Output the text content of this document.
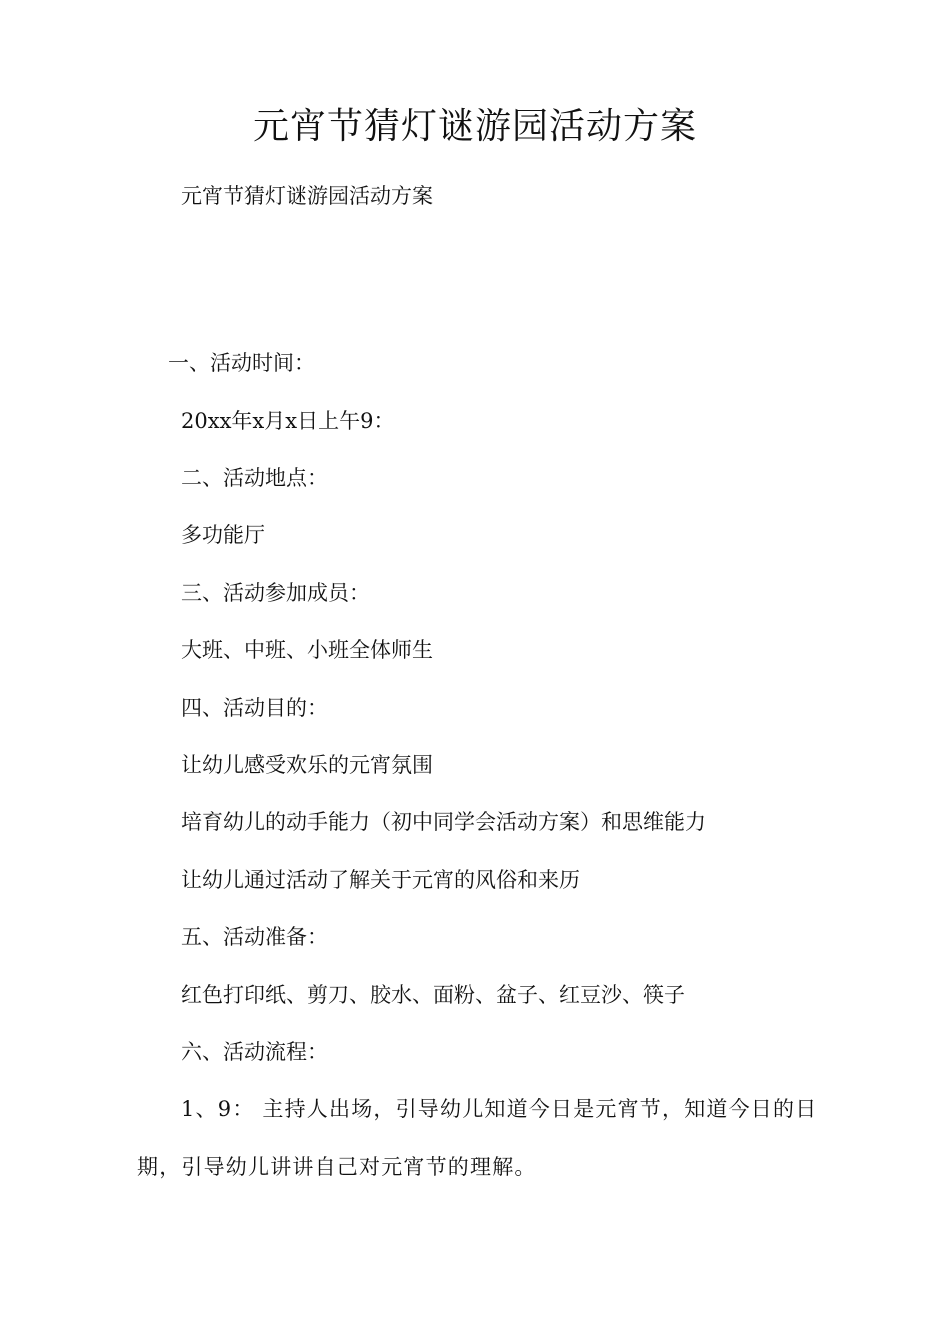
元宵节猜灯谜游园活动方案

元宵节猜灯谜游园活动方案

一、活动时间：

20xx年x月x日上午9：

二、活动地点：

多功能厅

三、活动参加成员：

大班、中班、小班全体师生

四、活动目的：

让幼儿感受欢乐的元宵氛围

培育幼儿的动手能力（初中同学会活动方案）和思维能力

让幼儿通过活动了解关于元宵的风俗和来历

五、活动准备：

红色打印纸、剪刀、胶水、面粉、盆子、红豆沙、筷子

六、活动流程：

1、9： 主持人出场，引导幼儿知道今日是元宵节，知道今日的日期，引导幼儿讲讲自己对元宵节的理解。
